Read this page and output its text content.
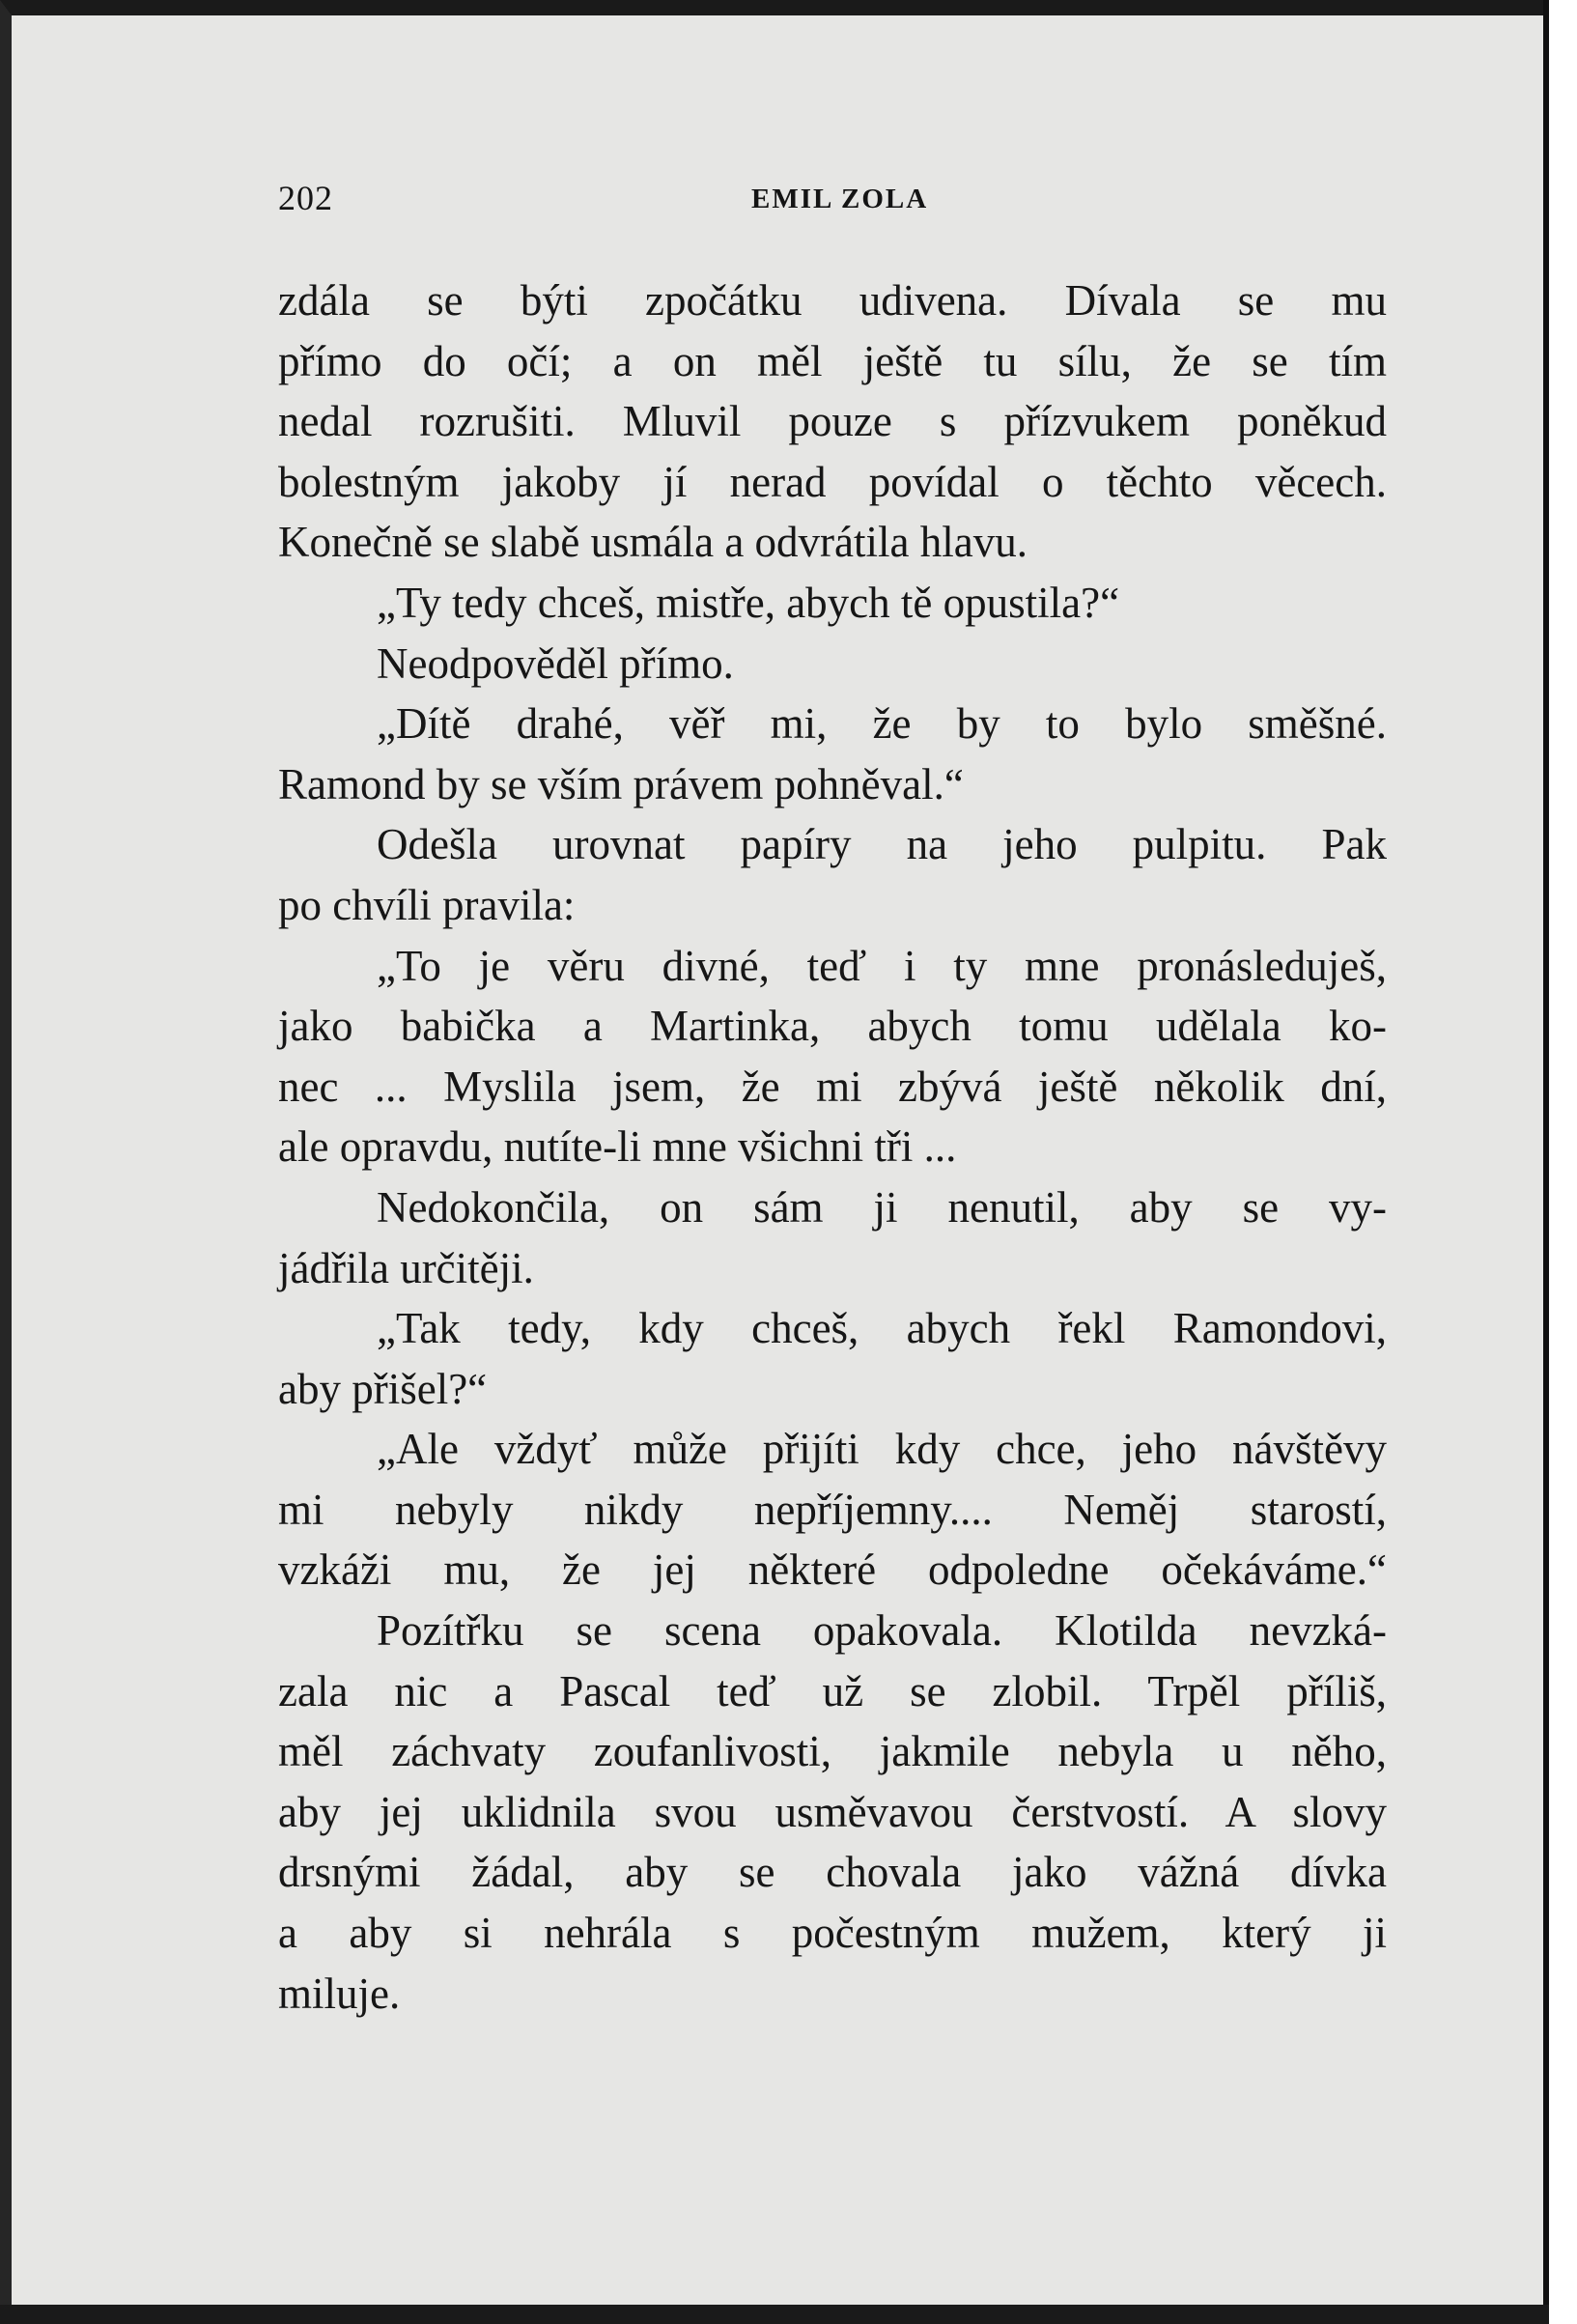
202	EMIL ZOLA

zdála se býti zpočátku udivena. Dívala se mu
přímo do očí; a on měl ještě tu sílu, že se tím
nedal rozrušiti. Mluvil pouze s přízvukem poněkud
bolestným jakoby jí nerad povídal o těchto věcech.
Konečně se slabě usmála a odvrátila hlavu.

„Ty tedy chceš, mistře, abych tě opustila?“

Neodpověděl přímo.

„Dítě drahé, věř mi, že by to bylo směšné.
Ramond by se vším právem pohněval.“

Odešla urovnat papíry na jeho pulpitu. Pak
po chvíli pravila:

„To je věru divné, teď i ty mne pronásleduješ,
jako babička a Martinka, abych tomu udělala ko-
nec ... Myslila jsem, že mi zbývá ještě několik dní,
ale opravdu, nutíte-li mne všichni tři ...

Nedokončila, on sám ji nenutil, aby se vy-
jádřila určitěji.

„Tak tedy, kdy chceš, abych řekl Ramondovi,
aby přišel?“

„Ale vždyť může přijíti kdy chce, jeho návštěvy
mi nebyly nikdy nepříjemny.... Neměj starostí,
vzkáži mu, že jej některé odpoledne očekáváme.“

Pozítřku se scena opakovala. Klotilda nevzká-
zala nic a Pascal teď už se zlobil. Trpěl příliš,
měl záchvaty zoufanlivosti, jakmile nebyla u něho,
aby jej uklidnila svou usměvavou čerstvostí. A slovy
drsnými žádal, aby se chovala jako vážná dívka
a aby si nehrála s počestným mužem, který ji
miluje.
